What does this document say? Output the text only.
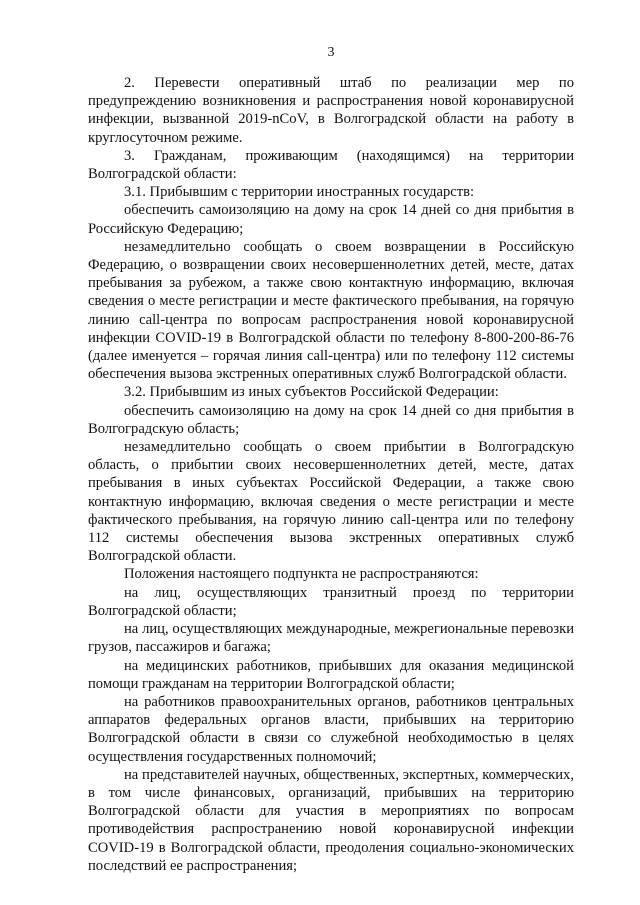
3

2. Перевести оперативный штаб по реализации мер по предупреждению возникновения и распространения новой коронавирусной инфекции, вызванной 2019-nCoV, в Волгоградской области на работу в круглосуточном режиме.

3. Гражданам, проживающим (находящимся) на территории Волгоградской области:

3.1. Прибывшим с территории иностранных государств:

обеспечить самоизоляцию на дому на срок 14 дней со дня прибытия в Российскую Федерацию;

незамедлительно сообщать о своем возвращении в Российскую Федерацию, о возвращении своих несовершеннолетних детей, месте, датах пребывания за рубежом, а также свою контактную информацию, включая сведения о месте регистрации и месте фактического пребывания, на горячую линию call-центра по вопросам распространения новой коронавирусной инфекции COVID-19 в Волгоградской области по телефону 8-800-200-86-76 (далее именуется – горячая линия call-центра) или по телефону 112 системы обеспечения вызова экстренных оперативных служб Волгоградской области.

3.2. Прибывшим из иных субъектов Российской Федерации:

обеспечить самоизоляцию на дому на срок 14 дней со дня прибытия в Волгоградскую область;

незамедлительно сообщать о своем прибытии в Волгоградскую область, о прибытии своих несовершеннолетних детей, месте, датах пребывания в иных субъектах Российской Федерации, а также свою контактную информацию, включая сведения о месте регистрации и месте фактического пребывания, на горячую линию call-центра или по телефону 112 системы обеспечения вызова экстренных оперативных служб Волгоградской области.

Положения настоящего подпункта не распространяются:

на лиц, осуществляющих транзитный проезд по территории Волгоградской области;

на лиц, осуществляющих международные, межрегиональные перевозки грузов, пассажиров и багажа;

на медицинских работников, прибывших для оказания медицинской помощи гражданам на территории Волгоградской области;

на работников правоохранительных органов, работников центральных аппаратов федеральных органов власти, прибывших на территорию Волгоградской области в связи со служебной необходимостью в целях осуществления государственных полномочий;

на представителей научных, общественных, экспертных, коммерческих, в том числе финансовых, организаций, прибывших на территорию Волгоградской области для участия в мероприятиях по вопросам противодействия распространению новой коронавирусной инфекции COVID-19 в Волгоградской области, преодоления социально-экономических последствий ее распространения;
